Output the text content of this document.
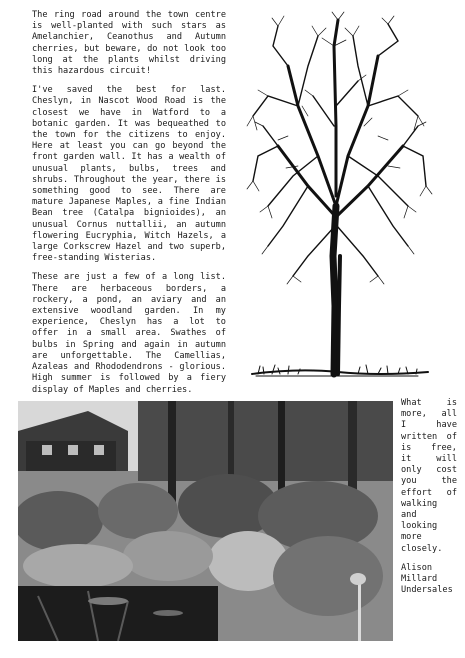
The ring road around the town centre is well-planted with such stars as Amelanchier, Ceanothus and Autumn cherries, but beware, do not look too long at the plants whilst driving this hazardous circuit!

I've saved the best for last. Cheslyn, in Nascot Wood Road is the closest we have in Watford to a botanic garden. It was bequeathed to the town for the citizens to enjoy. Here at least you can go beyond the front garden wall. It has a wealth of unusual plants, bulbs, trees and shrubs. Throughout the year, there is something good to see. There are mature Japanese Maples, a fine Indian Bean tree (Catalpa bignioides), an unusual Cornus nuttallii, an autumn flowering Eucryphia, Witch Hazels, a large Corkscrew Hazel and two superb, free-standing Wisterias.

These are just a few of a long list. There are herbaceous borders, a rockery, a pond, an aviary and an extensive woodland garden. In my experience, Cheslyn has a lot to offer in a small area. Swathes of bulbs in Spring and again in autumn are unforgettable. The Camellias, Azaleas and Rhododendrons - glorious. High summer is followed by a fiery display of Maples and cherries.

What is more, all I have written of is free, it will only cost you the effort of walking and looking more closely.

Alison
Millard
Undersales
